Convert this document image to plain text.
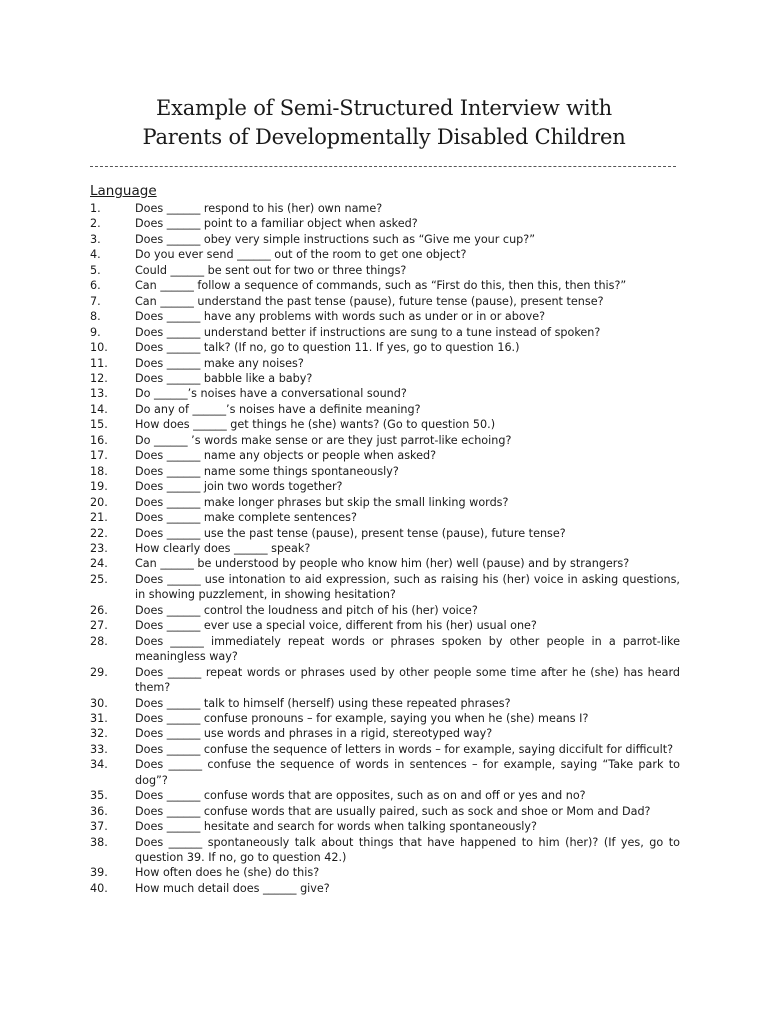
Example of Semi-Structured Interview with
Parents of Developmentally Disabled Children
Language
1.	Does ______ respond to his (her) own name?
2.	Does ______ point to a familiar object when asked?
3.	Does ______ obey very simple instructions such as “Give me your cup?”
4.	Do you ever send ______ out of the room to get one object?
5.	Could ______ be sent out for two or three things?
6.	Can ______ follow a sequence of commands, such as “First do this, then this, then this?”
7.	Can ______ understand the past tense (pause), future tense (pause), present tense?
8.	Does ______ have any problems with words such as under or in or above?
9.	Does ______ understand better if instructions are sung to a tune instead of spoken?
10.	Does ______ talk? (If no, go to question 11. If yes, go to question 16.)
11.	Does ______ make any noises?
12.	Does ______ babble like a baby?
13.	Do ______’s noises have a conversational sound?
14.	Do any of ______’s noises have a definite meaning?
15.	How does ______ get things he (she) wants? (Go to question 50.)
16.	Do ______ ’s words make sense or are they just parrot-like echoing?
17.	Does ______ name any objects or people when asked?
18.	Does ______ name some things spontaneously?
19.	Does ______ join two words together?
20.	Does ______ make longer phrases but skip the small linking words?
21.	Does ______ make complete sentences?
22.	Does ______ use the past tense (pause), present tense (pause), future tense?
23.	How clearly does ______ speak?
24.	Can ______ be understood by people who know him (her) well (pause) and by strangers?
25.	Does ______ use intonation to aid expression, such as raising his (her) voice in asking questions, in showing puzzlement, in showing hesitation?
26.	Does ______ control the loudness and pitch of his (her) voice?
27.	Does ______ ever use a special voice, different from his (her) usual one?
28.	Does ______ immediately repeat words or phrases spoken by other people in a parrot-like meaningless way?
29.	Does ______ repeat words or phrases used by other people some time after he (she) has heard them?
30.	Does ______ talk to himself (herself) using these repeated phrases?
31.	Does ______ confuse pronouns – for example, saying you when he (she) means I?
32.	Does ______ use words and phrases in a rigid, stereotyped way?
33.	Does ______ confuse the sequence of letters in words – for example, saying diccifult for difficult?
34.	Does ______ confuse the sequence of words in sentences – for example, saying “Take park to dog”?
35.	Does ______ confuse words that are opposites, such as on and off or yes and no?
36.	Does ______ confuse words that are usually paired, such as sock and shoe or Mom and Dad?
37.	Does ______ hesitate and search for words when talking spontaneously?
38.	Does ______ spontaneously talk about things that have happened to him (her)? (If yes, go to question 39. If no, go to question 42.)
39.	How often does he (she) do this?
40.	How much detail does ______ give?
